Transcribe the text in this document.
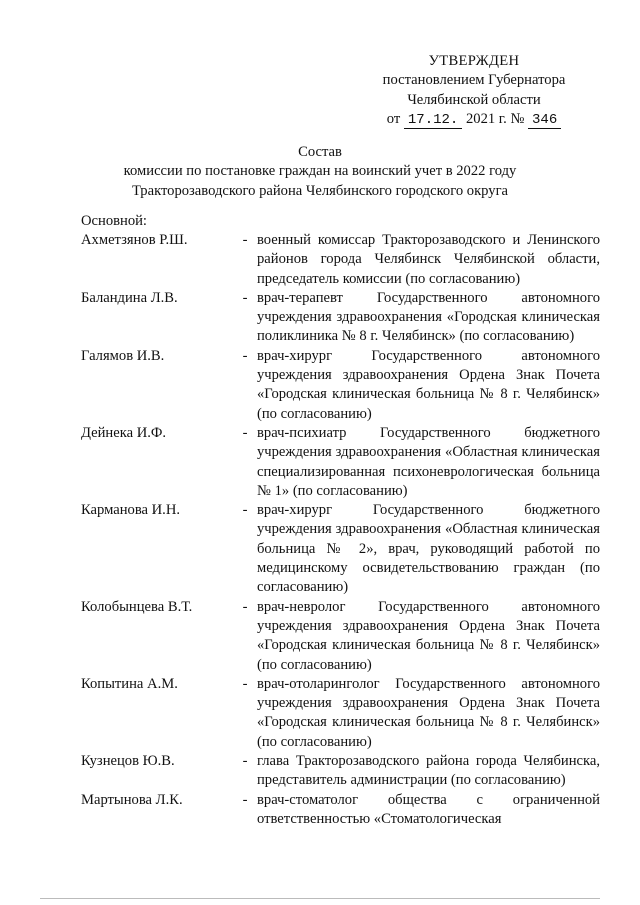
УТВЕРЖДЕН
постановлением Губернатора
Челябинской области
от 17.12. 2021 г. № 346
Состав
комиссии по постановке граждан на воинский учет в 2022 году
Тракторозаводского района Челябинского городского округа
Основной:
Ахметзянов Р.Ш.	- военный комиссар Тракторозаводского и Ленинского районов города Челябинск Челябинской области, председатель комиссии (по согласованию)
Баландина Л.В.	- врач-терапевт Государственного автономного учреждения здравоохранения «Городская клиническая поликлиника № 8 г. Челябинск» (по согласованию)
Галямов И.В.	- врач-хирург Государственного автономного учреждения здравоохранения Ордена Знак Почета «Городская клиническая больница № 8 г. Челябинск» (по согласованию)
Дейнека И.Ф.	- врач-психиатр Государственного бюджетного учреждения здравоохранения «Областная клиническая специализированная психоневрологическая больница № 1» (по согласованию)
Карманова И.Н.	- врач-хирург Государственного бюджетного учреждения здравоохранения «Областная клиническая больница № 2», врач, руководящий работой по медицинскому освидетельствованию граждан (по согласованию)
Колобынцева В.Т.	- врач-невролог Государственного автономного учреждения здравоохранения Ордена Знак Почета «Городская клиническая больница № 8 г. Челябинск» (по согласованию)
Копытина А.М.	- врач-отоларинголог Государственного автономного учреждения здравоохранения Ордена Знак Почета «Городская клиническая больница № 8 г. Челябинск» (по согласованию)
Кузнецов Ю.В.	- глава Тракторозаводского района города Челябинска, представитель администрации (по согласованию)
Мартынова Л.К.	- врач-стоматолог общества с ограниченной ответственностью «Стоматологическая
